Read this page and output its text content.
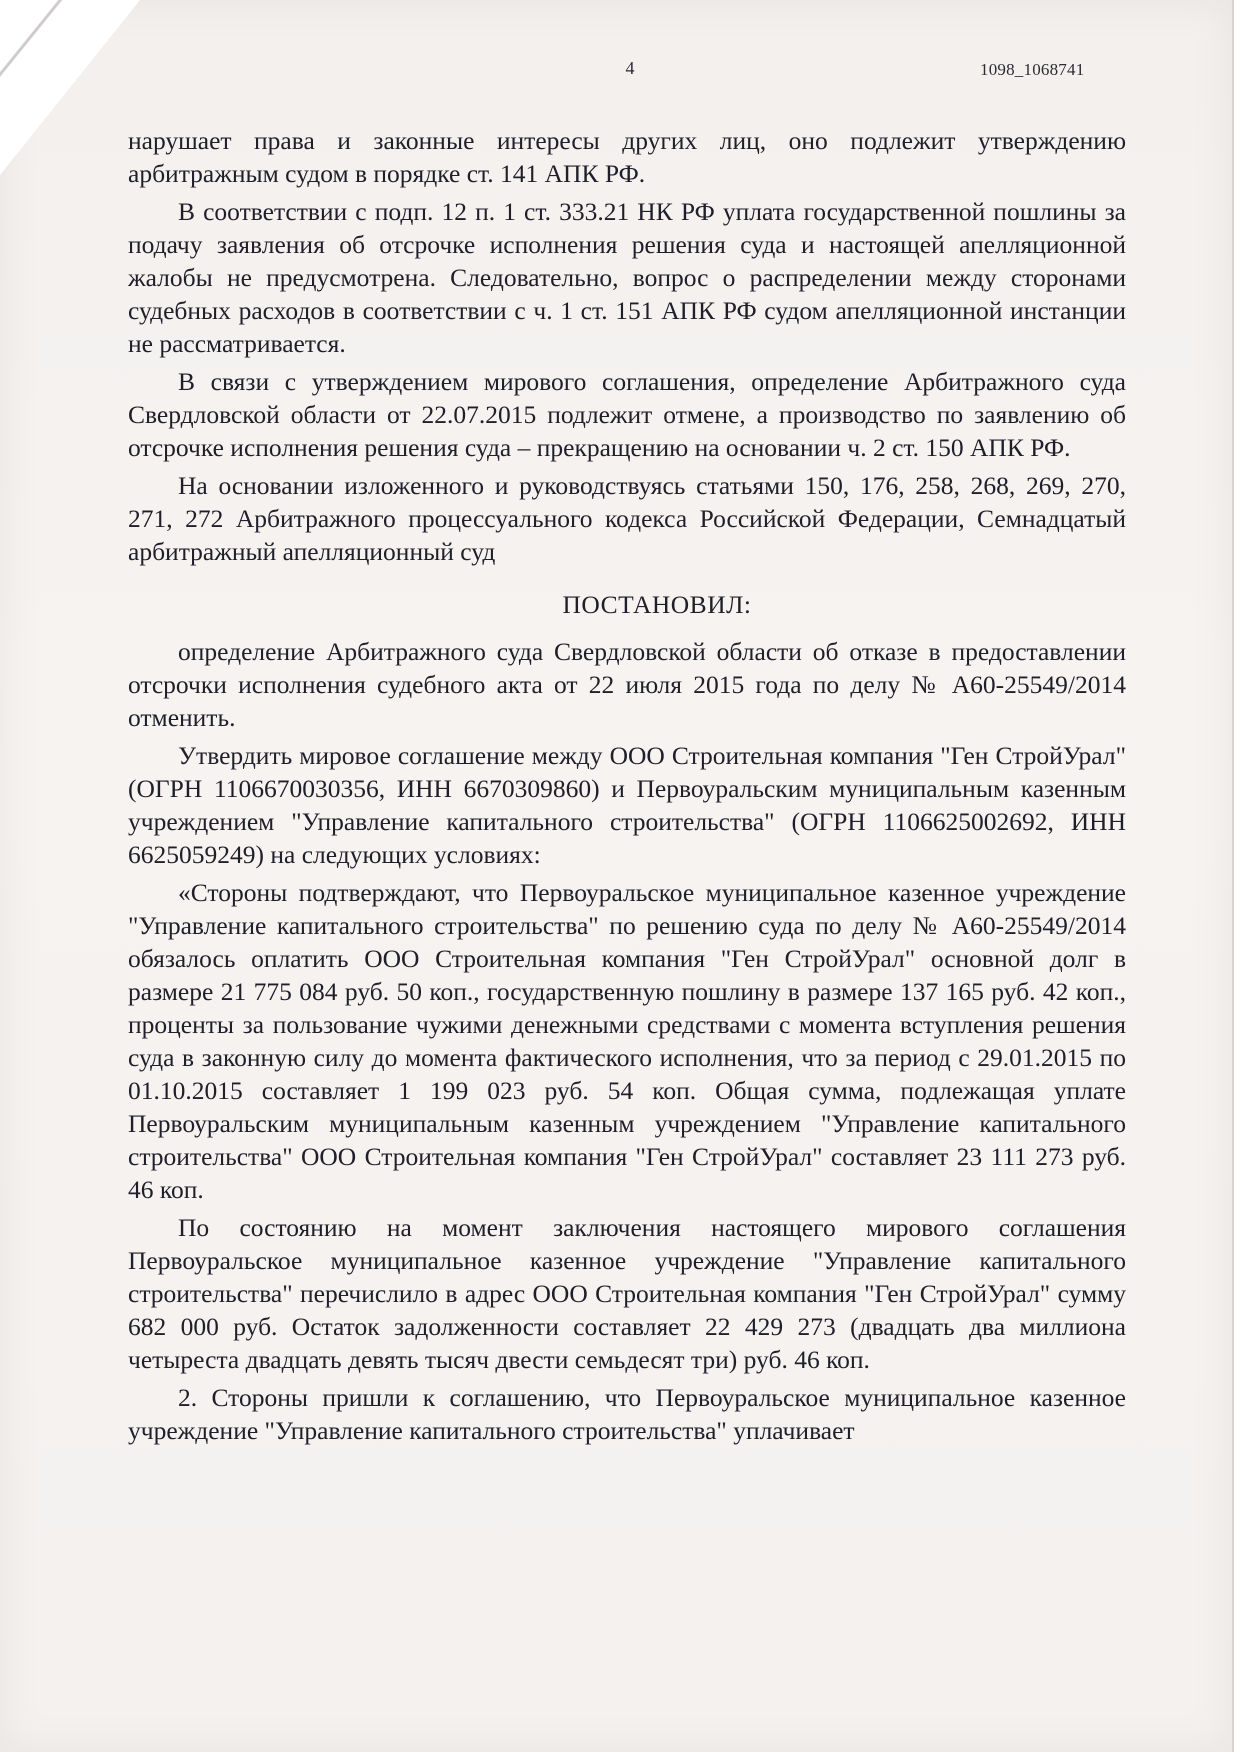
4	1098_1068741

нарушает права и законные интересы других лиц, оно подлежит утверждению арбитражным судом в порядке ст. 141 АПК РФ.

В соответствии с подп. 12 п. 1 ст. 333.21 НК РФ уплата государственной пошлины за подачу заявления об отсрочке исполнения решения суда и настоящей апелляционной жалобы не предусмотрена. Следовательно, вопрос о распределении между сторонами судебных расходов в соответствии с ч. 1 ст. 151 АПК РФ судом апелляционной инстанции не рассматривается.

В связи с утверждением мирового соглашения, определение Арбитражного суда Свердловской области от 22.07.2015 подлежит отмене, а производство по заявлению об отсрочке исполнения решения суда – прекращению на основании ч. 2 ст. 150 АПК РФ.

На основании изложенного и руководствуясь статьями 150, 176, 258, 268, 269, 270, 271, 272 Арбитражного процессуального кодекса Российской Федерации, Семнадцатый арбитражный апелляционный суд

ПОСТАНОВИЛ:

определение Арбитражного суда Свердловской области об отказе в предоставлении отсрочки исполнения судебного акта от 22 июля 2015 года по делу № А60-25549/2014 отменить.

Утвердить мировое соглашение между ООО Строительная компания "Ген СтройУрал" (ОГРН 1106670030356, ИНН 6670309860) и Первоуральским муниципальным казенным учреждением "Управление капитального строительства" (ОГРН 1106625002692, ИНН 6625059249) на следующих условиях:

«Стороны подтверждают, что Первоуральское муниципальное казенное учреждение "Управление капитального строительства" по решению суда по делу № А60-25549/2014 обязалось оплатить ООО Строительная компания "Ген СтройУрал" основной долг в размере 21 775 084 руб. 50 коп., государственную пошлину в размере 137 165 руб. 42 коп., проценты за пользование чужими денежными средствами с момента вступления решения суда в законную силу до момента фактического исполнения, что за период с 29.01.2015 по 01.10.2015 составляет 1 199 023 руб. 54 коп. Общая сумма, подлежащая уплате Первоуральским муниципальным казенным учреждением "Управление капитального строительства" ООО Строительная компания "Ген СтройУрал" составляет 23 111 273 руб. 46 коп.

По состоянию на момент заключения настоящего мирового соглашения Первоуральское муниципальное казенное учреждение "Управление капитального строительства" перечислило в адрес ООО Строительная компания "Ген СтройУрал" сумму 682 000 руб. Остаток задолженности составляет 22 429 273 (двадцать два миллиона четыреста двадцать девять тысяч двести семьдесят три) руб. 46 коп.

2. Стороны пришли к соглашению, что Первоуральское муниципальное казенное учреждение "Управление капитального строительства" уплачивает
